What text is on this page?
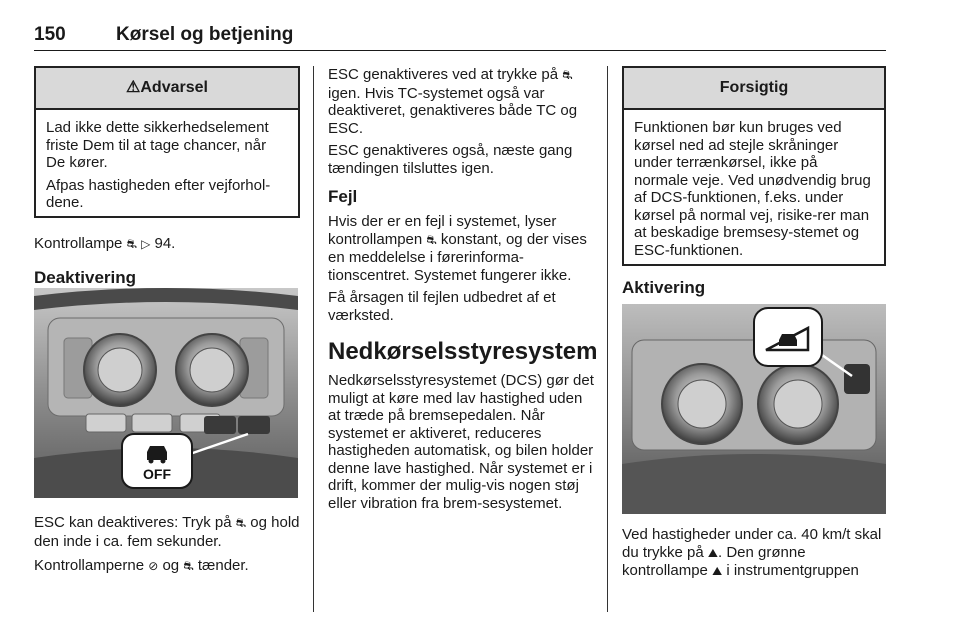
150	Kørsel og betjening
⚠Advarsel

Lad ikke dette sikkerhedselement friste Dem til at tage chancer, når De kører.

Afpas hastigheden efter vejforhol-dene.

Kontrollampe ⛐ ▷ 94.

Deaktivering
OFF

ESC kan deaktiveres: Tryk på ⛐ og hold den inde i ca. fem sekunder.

Kontrollamperne ⊘ og ⛐ tænder.

ESC genaktiveres ved at trykke på ⛐ igen. Hvis TC-systemet også var deaktiveret, genaktiveres både TC og ESC.

ESC genaktiveres også, næste gang tændingen tilsluttes igen.

Fejl

Hvis der er en fejl i systemet, lyser kontrollampen ⛐ konstant, og der vises en meddelelse i førerinforma-tionscentret. Systemet fungerer ikke.

Få årsagen til fejlen udbedret af et værksted.

Nedkørselsstyresystem

Nedkørselsstyresystemet (DCS) gør det muligt at køre med lav hastighed uden at træde på bremsepedalen. Når systemet er aktiveret, reduceres hastigheden automatisk, og bilen holder denne lave hastighed. Når systemet er i drift, kommer der mulig-vis nogen støj eller vibration fra brem-sesystemet.

Forsigtig

Funktionen bør kun bruges ved kørsel ned ad stejle skråninger under terrænkørsel, ikke på normale veje. Ved unødvendig brug af DCS-funktionen, f.eks. under kørsel på normal vej, risike-rer man at beskadige bremsesy-stemet og ESC-funktionen.

Aktivering

Ved hastigheder under ca. 40 km/t skal du trykke på ⛰. Den grønne kontrollampe ⛰ i instrumentgruppen
